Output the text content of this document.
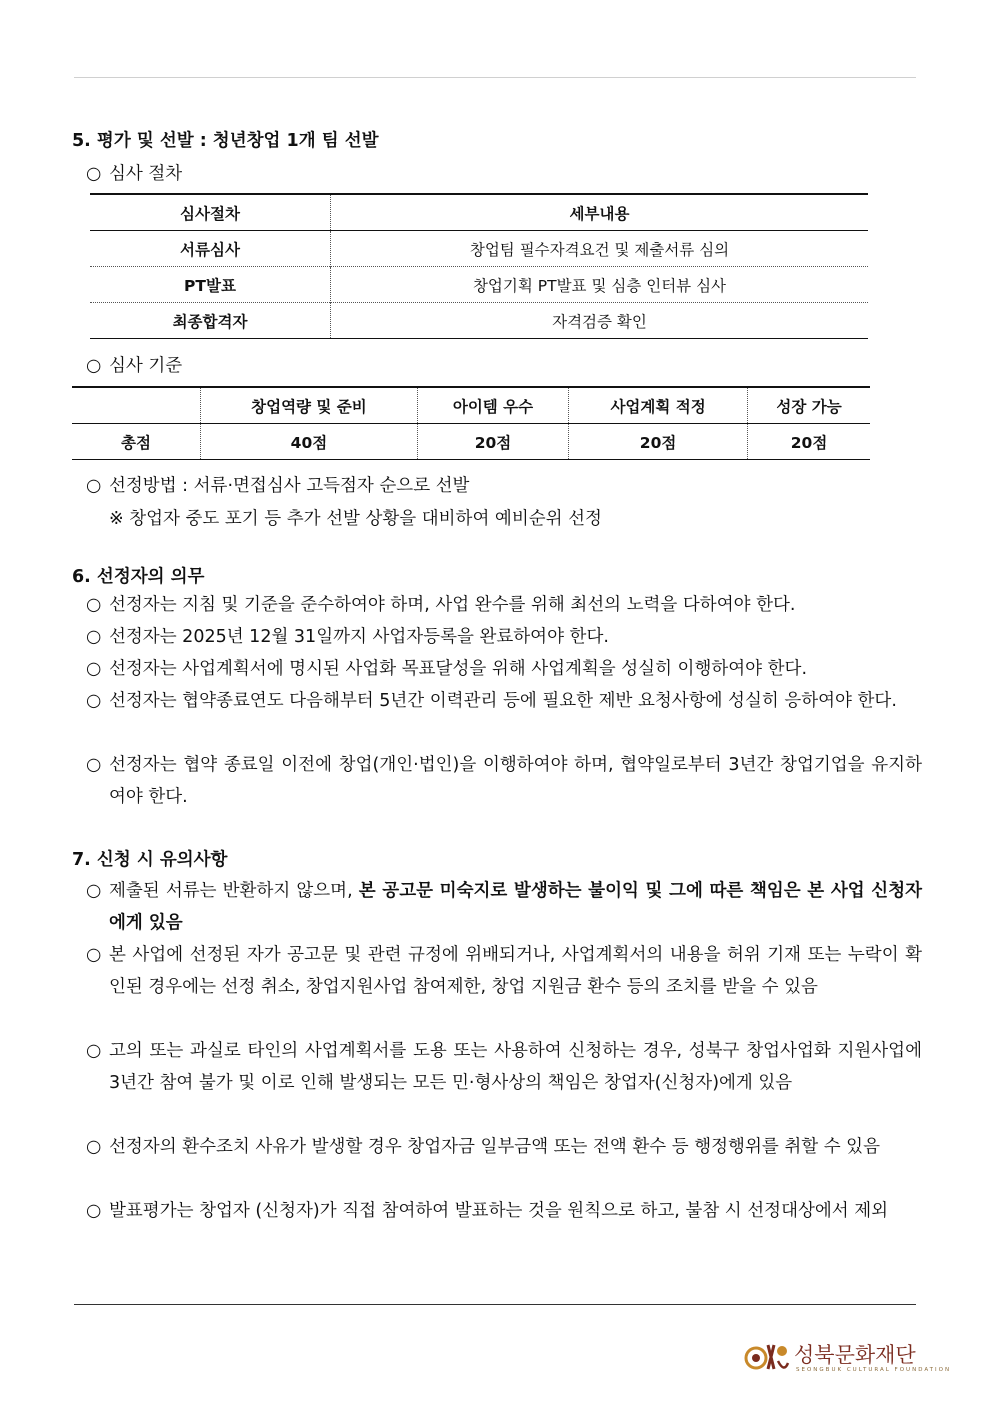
5. 평가 및 선발 : 청년창업 1개 팀 선발
○ 심사 절차
심사절차	세부내용
서류심사	창업팀 필수자격요건 및 제출서류 심의
PT발표	창업기획 PT발표 및 심층 인터뷰 심사
최종합격자	자격검증 확인
○ 심사 기준
	창업역량 및 준비	아이템 우수	사업계획 적정	성장 가능
총점	40점	20점	20점	20점
○ 선정방법 : 서류·면접심사 고득점자 순으로 선발
※ 창업자 중도 포기 등 추가 선발 상황을 대비하여 예비순위 선정
6. 선정자의 의무
○ 선정자는 지침 및 기준을 준수하여야 하며, 사업 완수를 위해 최선의 노력을 다하여야 한다.
○ 선정자는 2025년 12월 31일까지 사업자등록을 완료하여야 한다.
○ 선정자는 사업계획서에 명시된 사업화 목표달성을 위해 사업계획을 성실히 이행하여야 한다.
○ 선정자는 협약종료연도 다음해부터 5년간 이력관리 등에 필요한 제반 요청사항에 성실히 응하여야 한다.
○ 선정자는 협약 종료일 이전에 창업(개인·법인)을 이행하여야 하며, 협약일로부터 3년간 창업기업을 유지하여야 한다.
7. 신청 시 유의사항
○ 제출된 서류는 반환하지 않으며, 본 공고문 미숙지로 발생하는 불이익 및 그에 따른 책임은 본 사업 신청자에게 있음
○ 본 사업에 선정된 자가 공고문 및 관련 규정에 위배되거나, 사업계획서의 내용을 허위 기재 또는 누락이 확인된 경우에는 선정 취소, 창업지원사업 참여제한, 창업 지원금 환수 등의 조치를 받을 수 있음
○ 고의 또는 과실로 타인의 사업계획서를 도용 또는 사용하여 신청하는 경우, 성북구 창업사업화 지원사업에 3년간 참여 불가 및 이로 인해 발생되는 모든 민·형사상의 책임은 창업자(신청자)에게 있음
○ 선정자의 환수조치 사유가 발생할 경우 창업자금 일부금액 또는 전액 환수 등 행정행위를 취할 수 있음
○ 발표평가는 창업자 (신청자)가 직접 참여하여 발표하는 것을 원칙으로 하고, 불참 시 선정대상에서 제외
성북문화재단
SEONGBUK CULTURAL FOUNDATION
